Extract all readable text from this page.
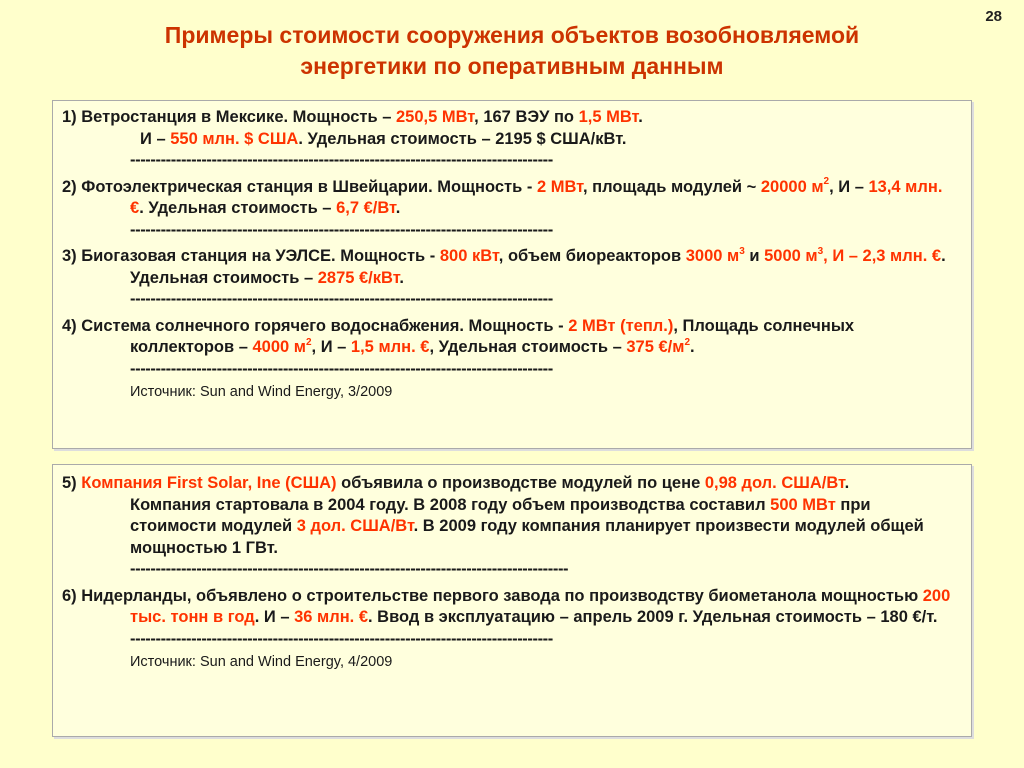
28
Примеры стоимости сооружения объектов возобновляемой
энергетики по оперативным данным

1) Ветростанция в Мексике. Мощность – 250,5 МВт, 167 ВЭУ по 1,5 МВт.
И – 550 млн. $ США. Удельная стоимость – 2195 $ США/кВт.
-----------------------------------------------------------------------------------

2) Фотоэлектрическая станция в Швейцарии. Мощность - 2 МВт, площадь модулей ~ 20000 $м^2$, И – 13,4 млн. €. Удельная стоимость – 6,7 €/Вт.
-----------------------------------------------------------------------------------

3) Биогазовая станция на УЭЛСЕ. Мощность - 800 кВт, объем биореакторов 3000 $м^3$ и 5000 $м^3$, И – 2,3 млн. €. Удельная стоимость – 2875 €/кВт.
-----------------------------------------------------------------------------------

4) Система солнечного горячего водоснабжения. Мощность - 2 МВт (тепл.), Площадь солнечных коллекторов – 4000 $м^2$, И – 1,5 млн. €, Удельная стоимость – 375 $€/м^2$.
-----------------------------------------------------------------------------------
Источник: Sun and Wind Energy, 3/2009

5) Компания First Solar, Ine (США) объявила о производстве модулей по цене 0,98 дол. США/Вт.
Компания стартовала в 2004 году. В 2008 году объем производства составил 500 МВт при стоимости модулей 3 дол. США/Вт. В 2009 году компания планирует произвести модулей общей мощностью 1 ГВт.
--------------------------------------------------------------------------------------

6) Нидерланды, объявлено о строительстве первого завода по производству биометанола мощностью 200 тыс. тонн в год. И – 36 млн. €. Ввод в эксплуатацию – апрель 2009 г. Удельная стоимость – 180 €/т.
-----------------------------------------------------------------------------------
Источник: Sun and Wind Energy, 4/2009
